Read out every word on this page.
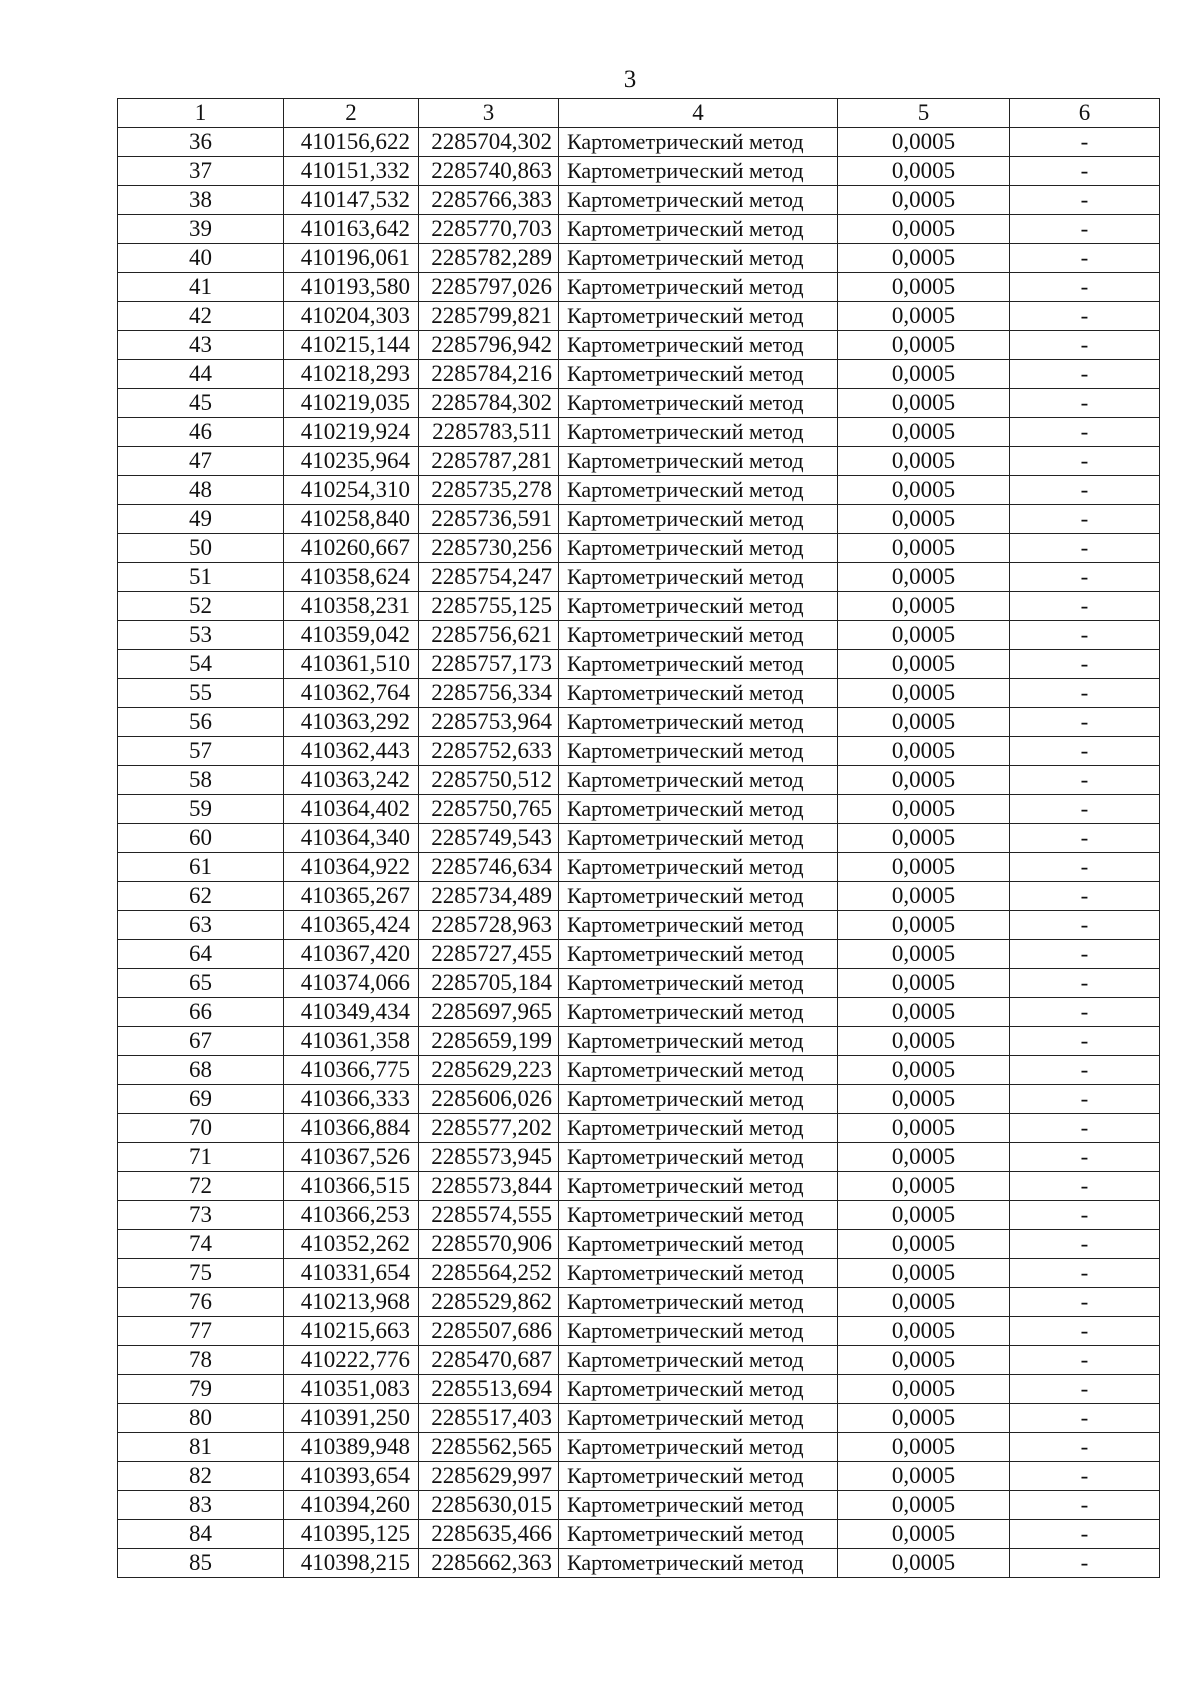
3
1	2	3	4	5	6
36	410156,622	2285704,302	Картометрический метод	0,0005	-
37	410151,332	2285740,863	Картометрический метод	0,0005	-
38	410147,532	2285766,383	Картометрический метод	0,0005	-
39	410163,642	2285770,703	Картометрический метод	0,0005	-
40	410196,061	2285782,289	Картометрический метод	0,0005	-
41	410193,580	2285797,026	Картометрический метод	0,0005	-
42	410204,303	2285799,821	Картометрический метод	0,0005	-
43	410215,144	2285796,942	Картометрический метод	0,0005	-
44	410218,293	2285784,216	Картометрический метод	0,0005	-
45	410219,035	2285784,302	Картометрический метод	0,0005	-
46	410219,924	2285783,511	Картометрический метод	0,0005	-
47	410235,964	2285787,281	Картометрический метод	0,0005	-
48	410254,310	2285735,278	Картометрический метод	0,0005	-
49	410258,840	2285736,591	Картометрический метод	0,0005	-
50	410260,667	2285730,256	Картометрический метод	0,0005	-
51	410358,624	2285754,247	Картометрический метод	0,0005	-
52	410358,231	2285755,125	Картометрический метод	0,0005	-
53	410359,042	2285756,621	Картометрический метод	0,0005	-
54	410361,510	2285757,173	Картометрический метод	0,0005	-
55	410362,764	2285756,334	Картометрический метод	0,0005	-
56	410363,292	2285753,964	Картометрический метод	0,0005	-
57	410362,443	2285752,633	Картометрический метод	0,0005	-
58	410363,242	2285750,512	Картометрический метод	0,0005	-
59	410364,402	2285750,765	Картометрический метод	0,0005	-
60	410364,340	2285749,543	Картометрический метод	0,0005	-
61	410364,922	2285746,634	Картометрический метод	0,0005	-
62	410365,267	2285734,489	Картометрический метод	0,0005	-
63	410365,424	2285728,963	Картометрический метод	0,0005	-
64	410367,420	2285727,455	Картометрический метод	0,0005	-
65	410374,066	2285705,184	Картометрический метод	0,0005	-
66	410349,434	2285697,965	Картометрический метод	0,0005	-
67	410361,358	2285659,199	Картометрический метод	0,0005	-
68	410366,775	2285629,223	Картометрический метод	0,0005	-
69	410366,333	2285606,026	Картометрический метод	0,0005	-
70	410366,884	2285577,202	Картометрический метод	0,0005	-
71	410367,526	2285573,945	Картометрический метод	0,0005	-
72	410366,515	2285573,844	Картометрический метод	0,0005	-
73	410366,253	2285574,555	Картометрический метод	0,0005	-
74	410352,262	2285570,906	Картометрический метод	0,0005	-
75	410331,654	2285564,252	Картометрический метод	0,0005	-
76	410213,968	2285529,862	Картометрический метод	0,0005	-
77	410215,663	2285507,686	Картометрический метод	0,0005	-
78	410222,776	2285470,687	Картометрический метод	0,0005	-
79	410351,083	2285513,694	Картометрический метод	0,0005	-
80	410391,250	2285517,403	Картометрический метод	0,0005	-
81	410389,948	2285562,565	Картометрический метод	0,0005	-
82	410393,654	2285629,997	Картометрический метод	0,0005	-
83	410394,260	2285630,015	Картометрический метод	0,0005	-
84	410395,125	2285635,466	Картометрический метод	0,0005	-
85	410398,215	2285662,363	Картометрический метод	0,0005	-
